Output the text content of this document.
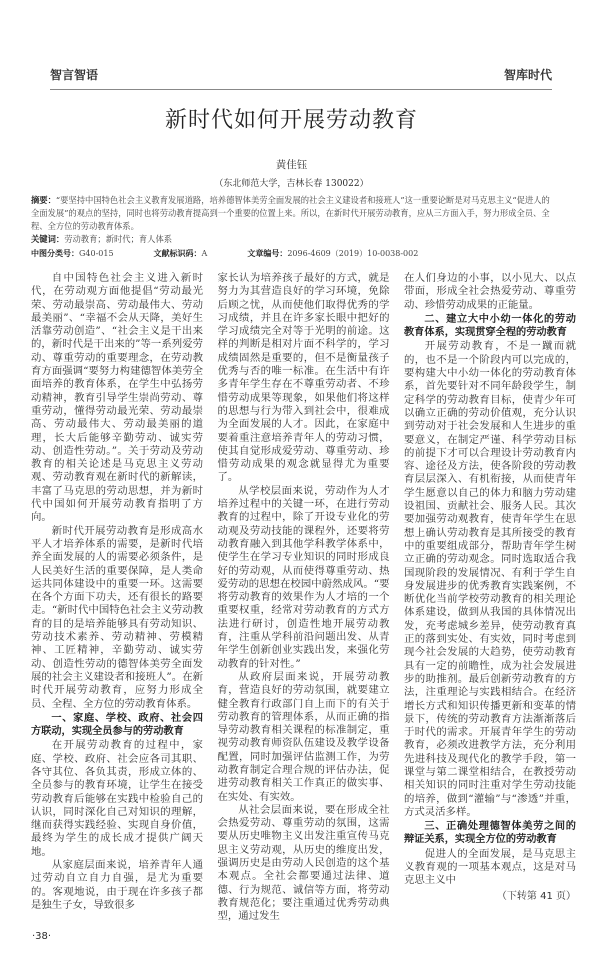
智言智语	智库时代
新时代如何开展劳动教育
黄佳钰
（东北师范大学，吉林长春 130022）
摘要：“要坚持中国特色社会主义教育发展道路，培养德智体美劳全面发展的社会主义建设者和接班人”这一重要论断是对马克思主义“促进人的全面发展”的观点的坚持，同时也将劳动教育提高到一个重要的位置上来。所以，在新时代开展劳动教育，应从三方面入手，努力形成全员、全程、全方位的劳动教育体系。
关键词：劳动教育；新时代；育人体系
中图分类号：G40-015	文献标识码：A	文章编号：2096-4609（2019）10-0038-002

自中国特色社会主义进入新时代，在劳动观方面他提倡“劳动最光荣、劳动最崇高、劳动最伟大、劳动最美丽”、“幸福不会从天降，美好生活靠劳动创造”、“社会主义是干出来的，新时代是干出来的”等一系列爱劳动、尊重劳动的重要理念，在劳动教育方面强调“要努力构建德智体美劳全面培养的教育体系，在学生中弘扬劳动精神，教育引导学生崇尚劳动、尊重劳动，懂得劳动最光荣、劳动最崇高、劳动最伟大、劳动最美丽的道理，长大后能够辛勤劳动、诚实劳动、创造性劳动。”。关于劳动及劳动教育的相关论述是马克思主义劳动观、劳动教育观在新时代的新解读，丰富了马克思的劳动思想，并为新时代中国如何开展劳动教育指明了方向。

新时代开展劳动教育是形成高水平人才培养体系的需要，是新时代培养全面发展的人的需要必须条件，是人民美好生活的重要保障，是人类命运共同体建设中的重要一环。这需要在各个方面下功夫，还有很长的路要走。“新时代中国特色社会主义劳动教育的目的是培养能够具有劳动知识、劳动技术素养、劳动精神、劳模精神、工匠精神，辛勤劳动、诚实劳动、创造性劳动的德智体美劳全面发展的社会主义建设者和接班人”。在新时代开展劳动教育，应努力形成全员、全程、全方位的劳动教育体系。

一、家庭、学校、政府、社会四方联动，实现全员参与的劳动教育

在开展劳动教育的过程中，家庭、学校、政府、社会应各司其职、各守其位、各负其责，形成立体的、全员参与的教育环境，让学生在接受劳动教育后能够在实践中检验自己的认识，同时深化自己对知识的理解，继而获得实践经验、实现自身价值，最终为学生的成长成才提供广阔天地。

从家庭层面来说，培养青年人通过劳动自立自力自强，是尤为重要的。客观地说，由于现在许多孩子都是独生子女，导致很多

家长认为培养孩子最好的方式，就是努力为其营造良好的学习环境，免除后顾之忧，从而使他们取得优秀的学习成绩，并且在许多家长眼中把好的学习成绩完全对等于光明的前途。这样的判断是相对片面不科学的，学习成绩固然是重要的，但不是衡量孩子优秀与否的唯一标准。在生活中有许多青年学生存在不尊重劳动者、不珍惜劳动成果等现象，如果他们将这样的思想与行为带入到社会中，很难成为全面发展的人才。因此，在家庭中要着重注意培养青年人的劳动习惯，使其自觉形成爱劳动、尊重劳动、珍惜劳动成果的观念就显得尤为重要了。

从学校层面来说，劳动作为人才培养过程中的关键一环，在进行劳动教育的过程中，除了开设专业化的劳动观及劳动技能的课程外，还要将劳动教育融入到其他学科教学体系中，使学生在学习专业知识的同时形成良好的劳动观，从而使得尊重劳动、热爱劳动的思想在校园中蔚然成风。“要将劳动教育的效果作为人才培的一个重要权重，经常对劳动教育的方式方法进行研讨，创造性地开展劳动教育，注重从学科前沿问题出发、从青年学生创新创业实践出发，来强化劳动教育的针对性。”

从政府层面来说，开展劳动教育，营造良好的劳动氛围，就要建立健全教育行政部门自上而下的有关于劳动教育的管理体系，从而正确的指导劳动教育相关课程的标准制定，重视劳动教育师资队伍建设及教学设备配置，同时加强评估监测工作，为劳动教育制定合理合规的评估办法，促进劳动教育相关工作真正的做实事、在实处、有实效。

从社会层面来说，要在形成全社会热爱劳动、尊重劳动的氛围，这需要从历史唯物主义出发注重宣传马克思主义劳动观，从历史的维度出发，强调历史是由劳动人民创造的这个基本观点。全社会都要通过法律、道德、行为规范、诚信等方面，将劳动教育规范化；要注重通过优秀劳动典型，通过发生

在人们身边的小事，以小见大、以点带面，形成全社会热爱劳动、尊重劳动、珍惜劳动成果的正能量。

二、建立大中小幼一体化的劳动教育体系，实现贯穿全程的劳动教育

开展劳动教育，不是一蹴而就的，也不是一个阶段内可以完成的，要构建大中小幼一体化的劳动教育体系，首先要针对不同年龄段学生，制定科学的劳动教育目标，使青少年可以确立正确的劳动价值观，充分认识到劳动对于社会发展和人生进步的重要意义，在制定严谨、科学劳动目标的前提下才可以合理设计劳动教育内容、途径及方法，使各阶段的劳动教育层层深入、有机衔接，从而使青年学生愿意以自己的体力和脑力劳动建设祖国、贡献社会、服务人民。其次要加强劳动观教育，使青年学生在思想上确认劳动教育是其所接受的教育中的重要组成部分，帮助青年学生树立正确的劳动观念。同时选取适合我国现阶段的发展情况、有利于学生自身发展进步的优秀教育实践案例，不断优化当前学校劳动教育的相关理论体系建设，做到从我国的具体情况出发，充考虑城乡差异，使劳动教育真正的落到实处、有实效，同时考虑到现今社会发展的大趋势，使劳动教育具有一定的前瞻性，成为社会发展进步的助推剂。最后创新劳动教育的方法，注重理论与实践相结合。在经济增长方式和知识传播更新和变革的情景下，传统的劳动教育方法渐渐落后于时代的需求。开展青年学生的劳动教育，必须改进教学方法，充分利用先进科技及现代化的教学手段，第一课堂与第二课堂相结合，在教授劳动相关知识的同时注重对学生劳动技能的培养，做到“灌输”与“渗透”并重，方式灵活多样。

三、正确处理德智体美劳之间的辩证关系，实现全方位的劳动教育

促进人的全面发展，是马克思主义教育观的一项基本观点，这是对马克思主义中

（下转第 41 页）
·38·
